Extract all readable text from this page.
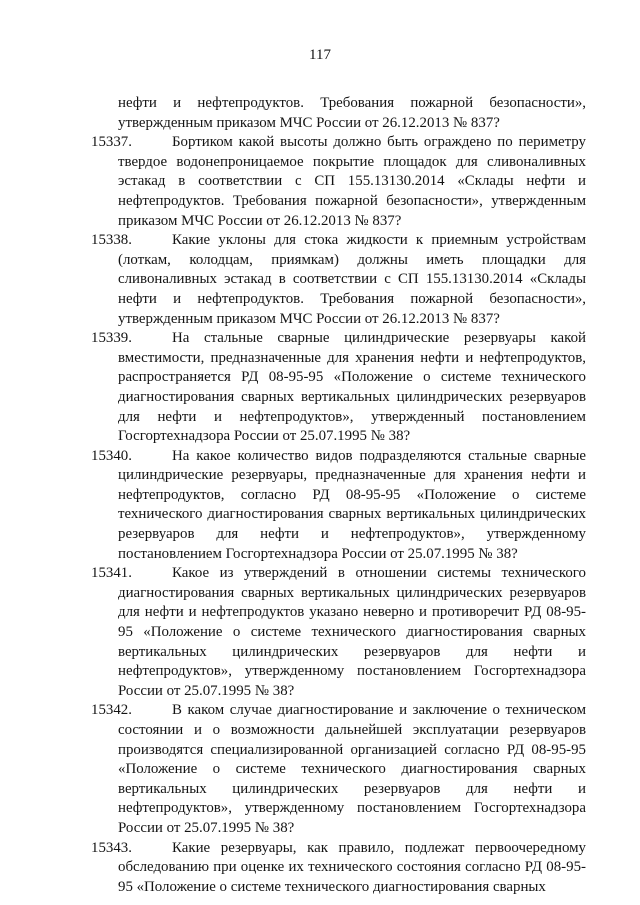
117

нефти и нефтепродуктов. Требования пожарной безопасности», утвержденным приказом МЧС России от 26.12.2013 № 837?

15337.	Бортиком какой высоты должно быть ограждено по периметру твердое водонепроницаемое покрытие площадок для сливоналивных эстакад в соответствии с СП 155.13130.2014 «Склады нефти и нефтепродуктов. Требования пожарной безопасности», утвержденным приказом МЧС России от 26.12.2013 № 837?
15338.	Какие уклоны для стока жидкости к приемным устройствам (лоткам, колодцам, приямкам) должны иметь площадки для сливоналивных эстакад в соответствии с СП 155.13130.2014 «Склады нефти и нефтепродуктов. Требования пожарной безопасности», утвержденным приказом МЧС России от 26.12.2013 № 837?
15339.	На стальные сварные цилиндрические резервуары какой вместимости, предназначенные для хранения нефти и нефтепродуктов, распространяется РД 08-95-95 «Положение о системе технического диагностирования сварных вертикальных цилиндрических резервуаров для нефти и нефтепродуктов», утвержденный постановлением Госгортехнадзора России от 25.07.1995 № 38?
15340.	На какое количество видов подразделяются стальные сварные цилиндрические резервуары, предназначенные для хранения нефти и нефтепродуктов, согласно РД 08-95-95 «Положение о системе технического диагностирования сварных вертикальных цилиндрических резервуаров для нефти и нефтепродуктов», утвержденному постановлением Госгортехнадзора России от 25.07.1995 № 38?
15341.	Какое из утверждений в отношении системы технического диагностирования сварных вертикальных цилиндрических резервуаров для нефти и нефтепродуктов указано неверно и противоречит РД 08-95-95 «Положение о системе технического диагностирования сварных вертикальных цилиндрических резервуаров для нефти и нефтепродуктов», утвержденному постановлением Госгортехнадзора России от 25.07.1995 № 38?
15342.	В каком случае диагностирование и заключение о техническом состоянии и о возможности дальнейшей эксплуатации резервуаров производятся специализированной организацией согласно РД 08-95-95 «Положение о системе технического диагностирования сварных вертикальных цилиндрических резервуаров для нефти и нефтепродуктов», утвержденному постановлением Госгортехнадзора России от 25.07.1995 № 38?
15343.	Какие резервуары, как правило, подлежат первоочередному обследованию при оценке их технического состояния согласно РД 08-95-95 «Положение о системе технического диагностирования сварных
